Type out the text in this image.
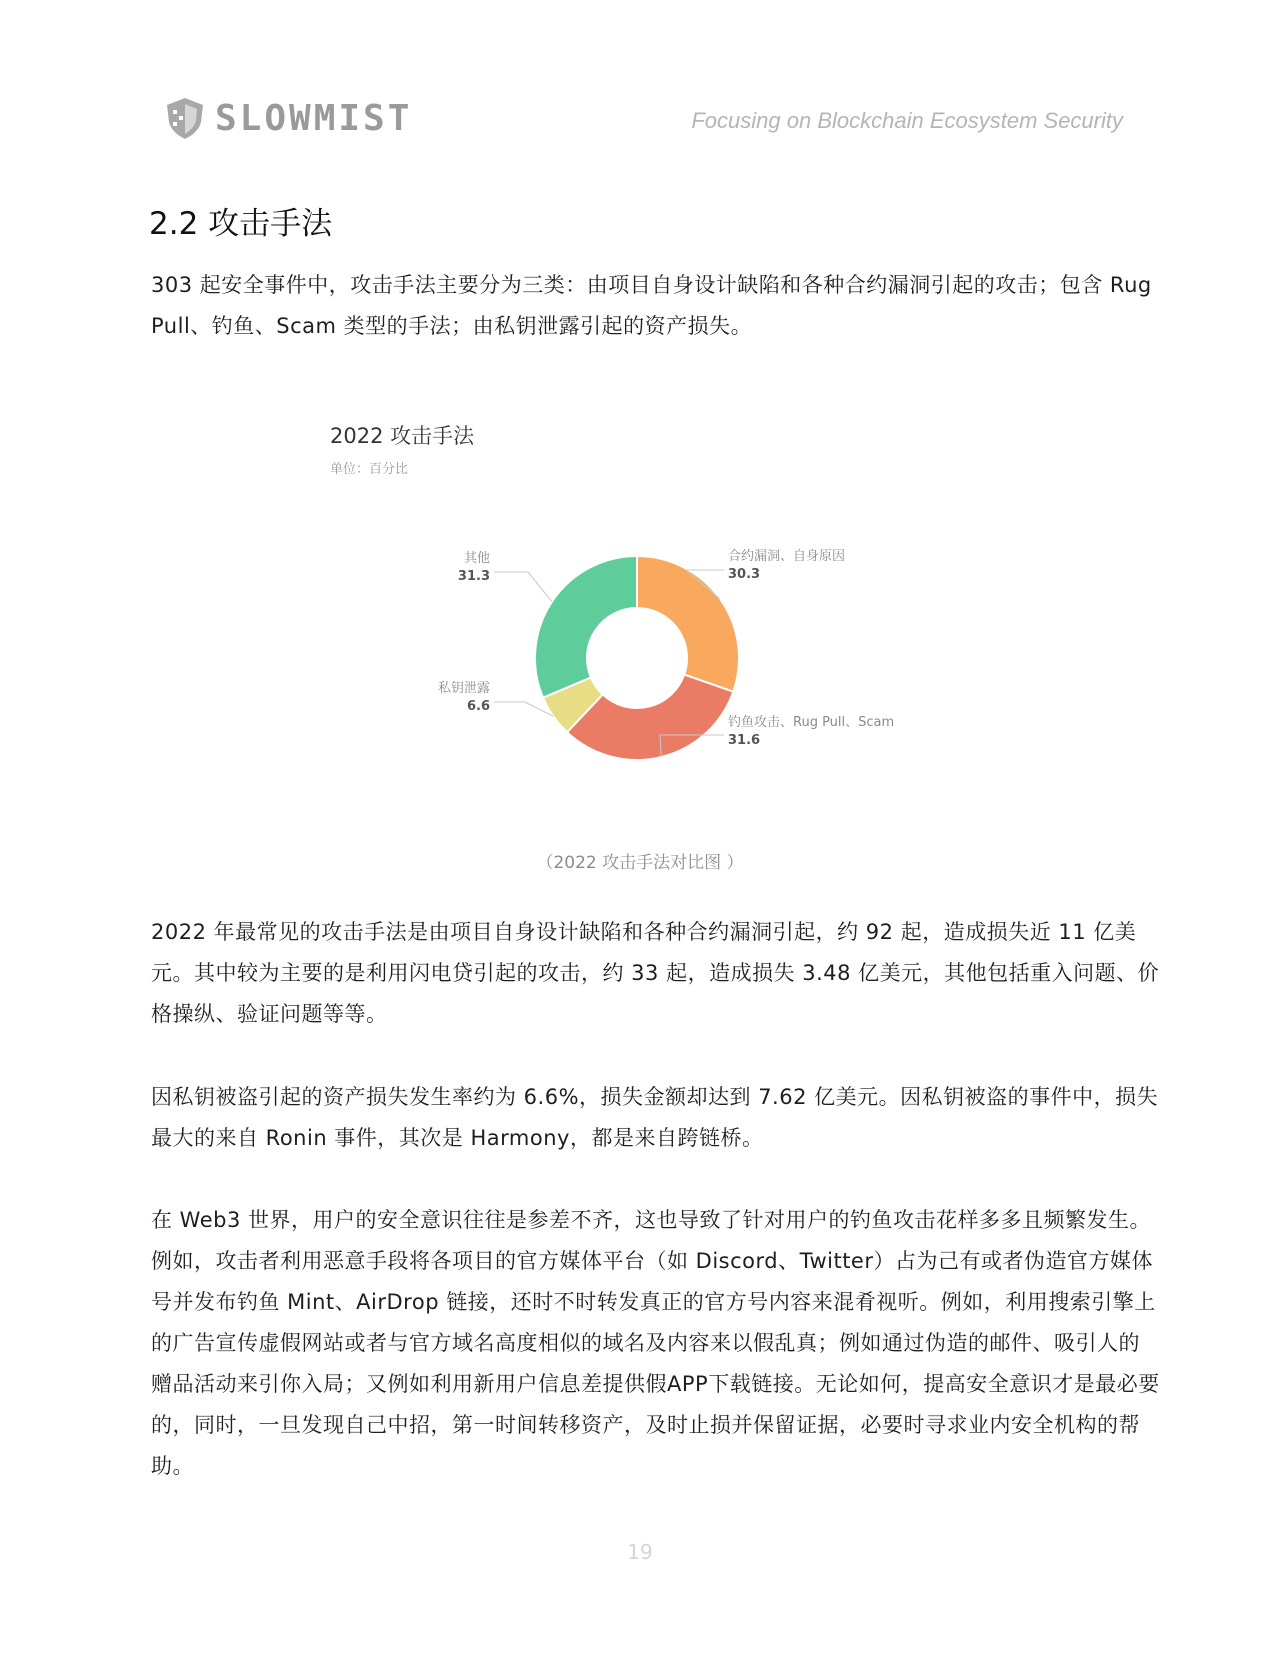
SLOWMIST	Focusing on Blockchain Ecosystem Security
2.2 攻击手法

303 起安全事件中，攻击手法主要分为三类：由项目自身设计缺陷和各种合约漏洞引起的攻击；包含 Rug Pull、钓鱼、Scam 类型的手法；由私钥泄露引起的资产损失。

2022 攻击手法
单位：百分比
合约漏洞、自身原因
30.3
钓鱼攻击、Rug Pull、Scam
31.6
私钥泄露
6.6
其他
31.3
（2022 攻击手法对比图 ）

2022 年最常见的攻击手法是由项目自身设计缺陷和各种合约漏洞引起，约 92 起，造成损失近 11 亿美元。其中较为主要的是利用闪电贷引起的攻击，约 33 起，造成损失 3.48 亿美元，其他包括重入问题、价格操纵、验证问题等等。

因私钥被盗引起的资产损失发生率约为 6.6%，损失金额却达到 7.62 亿美元。因私钥被盗的事件中，损失最大的来自 Ronin 事件，其次是 Harmony，都是来自跨链桥。

在 Web3 世界，用户的安全意识往往是参差不齐，这也导致了针对用户的钓鱼攻击花样多多且频繁发生。例如，攻击者利用恶意手段将各项目的官方媒体平台（如 Discord、Twitter）占为己有或者伪造官方媒体号并发布钓鱼 Mint、AirDrop 链接，还时不时转发真正的官方号内容来混肴视听。例如，利用搜索引擎上的广告宣传虚假网站或者与官方域名高度相似的域名及内容来以假乱真；例如通过伪造的邮件、吸引人的赠品活动来引你入局；又例如利用新用户信息差提供假APP下载链接。无论如何，提高安全意识才是最必要的，同时，一旦发现自己中招，第一时间转移资产，及时止损并保留证据，必要时寻求业内安全机构的帮助。

19
